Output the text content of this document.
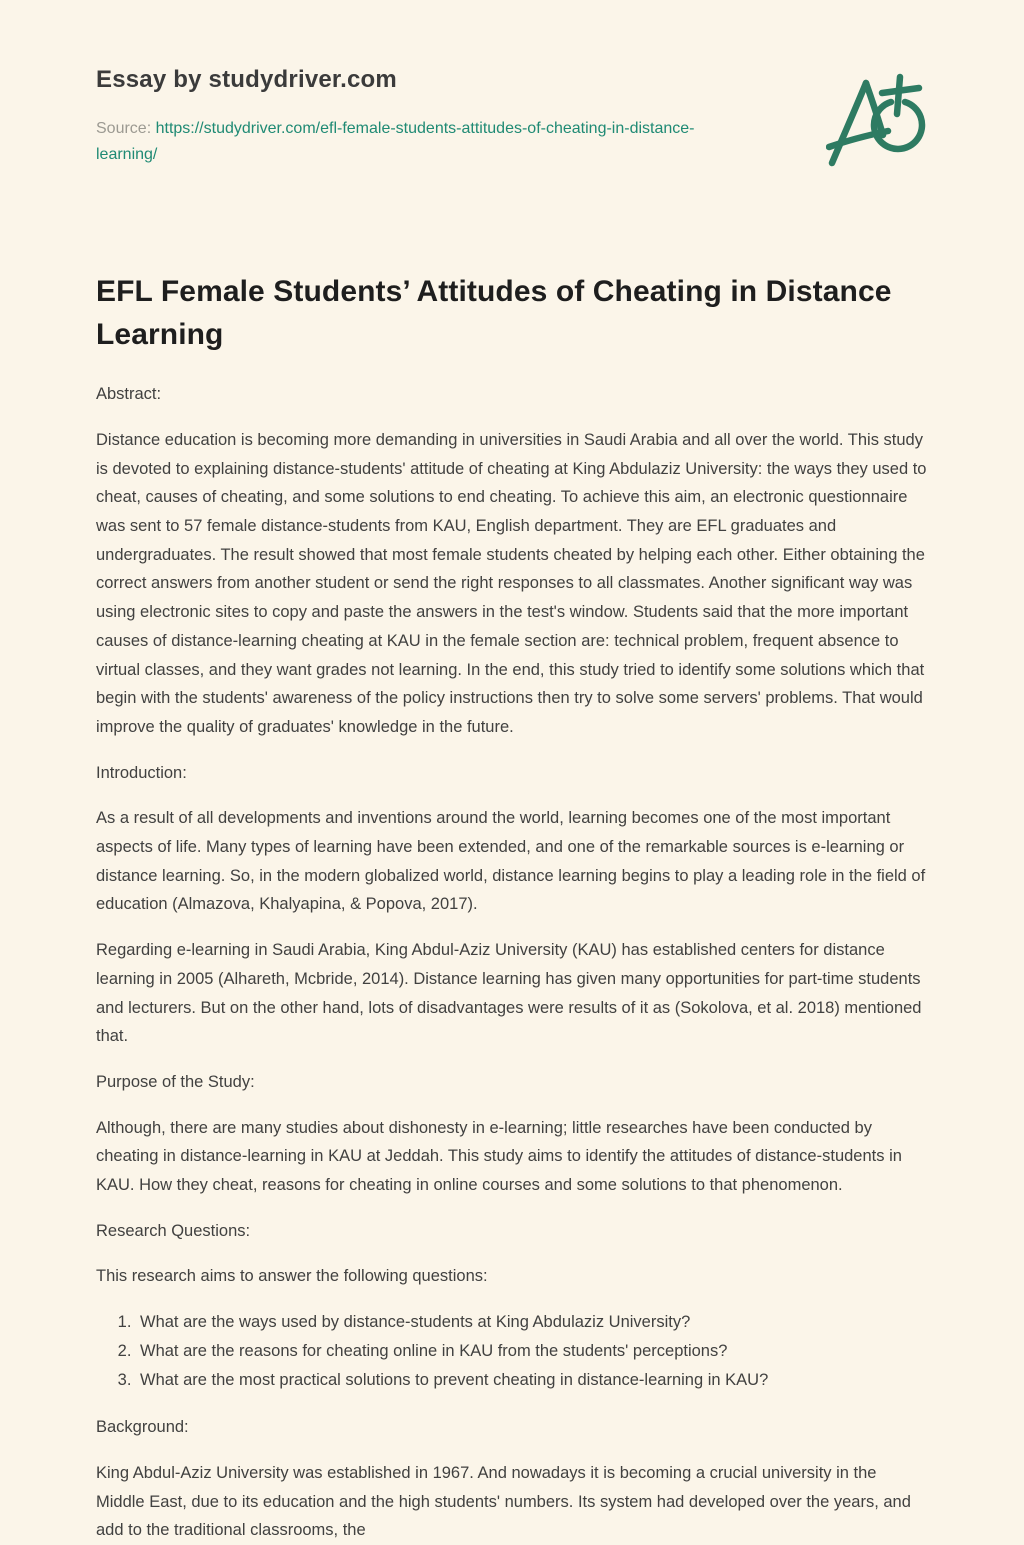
Essay by studydriver.com

Source: https://studydriver.com/efl-female-students-attitudes-of-cheating-in-distance-learning/

EFL Female Students’ Attitudes of Cheating in Distance Learning

Abstract:

Distance education is becoming more demanding in universities in Saudi Arabia and all over the world. This study is devoted to explaining distance-students' attitude of cheating at King Abdulaziz University: the ways they used to cheat, causes of cheating, and some solutions to end cheating. To achieve this aim, an electronic questionnaire was sent to 57 female distance-students from KAU, English department. They are EFL graduates and undergraduates. The result showed that most female students cheated by helping each other. Either obtaining the correct answers from another student or send the right responses to all classmates. Another significant way was using electronic sites to copy and paste the answers in the test's window. Students said that the more important causes of distance-learning cheating at KAU in the female section are: technical problem, frequent absence to virtual classes, and they want grades not learning. In the end, this study tried to identify some solutions which that begin with the students' awareness of the policy instructions then try to solve some servers' problems. That would improve the quality of graduates' knowledge in the future.

Introduction:

As a result of all developments and inventions around the world, learning becomes one of the most important aspects of life. Many types of learning have been extended, and one of the remarkable sources is e-learning or distance learning. So, in the modern globalized world, distance learning begins to play a leading role in the field of education (Almazova, Khalyapina, & Popova, 2017).

Regarding e-learning in Saudi Arabia, King Abdul-Aziz University (KAU) has established centers for distance learning in 2005 (Alhareth, Mcbride, 2014). Distance learning has given many opportunities for part-time students and lecturers. But on the other hand, lots of disadvantages were results of it as (Sokolova, et al. 2018) mentioned that.

Purpose of the Study:

Although, there are many studies about dishonesty in e-learning; little researches have been conducted by cheating in distance-learning in KAU at Jeddah. This study aims to identify the attitudes of distance-students in KAU. How they cheat, reasons for cheating in online courses and some solutions to that phenomenon.

Research Questions:

This research aims to answer the following questions:

1. What are the ways used by distance-students at King Abdulaziz University?
2. What are the reasons for cheating online in KAU from the students' perceptions?
3. What are the most practical solutions to prevent cheating in distance-learning in KAU?

Background:

King Abdul-Aziz University was established in 1967. And nowadays it is becoming a crucial university in the Middle East, due to its education and the high students' numbers. Its system had developed over the years, and add to the traditional classrooms, the
